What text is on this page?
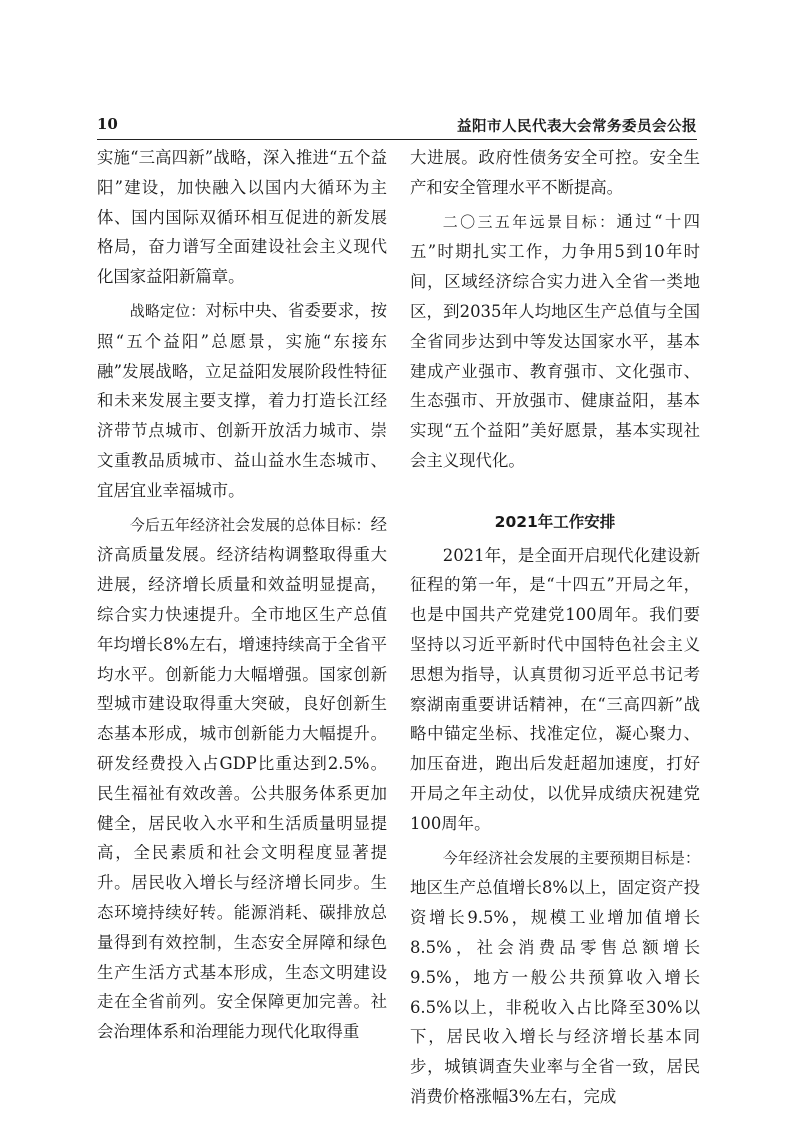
10	益阳市人民代表大会常务委员会公报

实施“三高四新”战略，深入推进“五个益阳”建设，加快融入以国内大循环为主体、国内国际双循环相互促进的新发展格局，奋力谱写全面建设社会主义现代化国家益阳新篇章。

战略定位：对标中央、省委要求，按照“五个益阳”总愿景，实施“东接东融”发展战略，立足益阳发展阶段性特征和未来发展主要支撑，着力打造长江经济带节点城市、创新开放活力城市、崇文重教品质城市、益山益水生态城市、宜居宜业幸福城市。

今后五年经济社会发展的总体目标：经济高质量发展。经济结构调整取得重大进展，经济增长质量和效益明显提高，综合实力快速提升。全市地区生产总值年均增长8%左右，增速持续高于全省平均水平。创新能力大幅增强。国家创新型城市建设取得重大突破，良好创新生态基本形成，城市创新能力大幅提升。研发经费投入占GDP比重达到2.5%。民生福祉有效改善。公共服务体系更加健全，居民收入水平和生活质量明显提高，全民素质和社会文明程度显著提升。居民收入增长与经济增长同步。生态环境持续好转。能源消耗、碳排放总量得到有效控制，生态安全屏障和绿色生产生活方式基本形成，生态文明建设走在全省前列。安全保障更加完善。社会治理体系和治理能力现代化取得重

大进展。政府性债务安全可控。安全生产和安全管理水平不断提高。

二〇三五年远景目标：通过“十四五”时期扎实工作，力争用5到10年时间，区域经济综合实力进入全省一类地区，到2035年人均地区生产总值与全国全省同步达到中等发达国家水平，基本建成产业强市、教育强市、文化强市、生态强市、开放强市、健康益阳，基本实现“五个益阳”美好愿景，基本实现社会主义现代化。

2021年工作安排

2021年，是全面开启现代化建设新征程的第一年，是“十四五”开局之年，也是中国共产党建党100周年。我们要坚持以习近平新时代中国特色社会主义思想为指导，认真贯彻习近平总书记考察湖南重要讲话精神，在“三高四新”战略中锚定坐标、找准定位，凝心聚力、加压奋进，跑出后发赶超加速度，打好开局之年主动仗，以优异成绩庆祝建党100周年。

今年经济社会发展的主要预期目标是：地区生产总值增长8%以上，固定资产投资增长9.5%，规模工业增加值增长8.5%，社会消费品零售总额增长9.5%，地方一般公共预算收入增长6.5%以上，非税收入占比降至30%以下，居民收入增长与经济增长基本同步，城镇调查失业率与全省一致，居民消费价格涨幅3%左右，完成
